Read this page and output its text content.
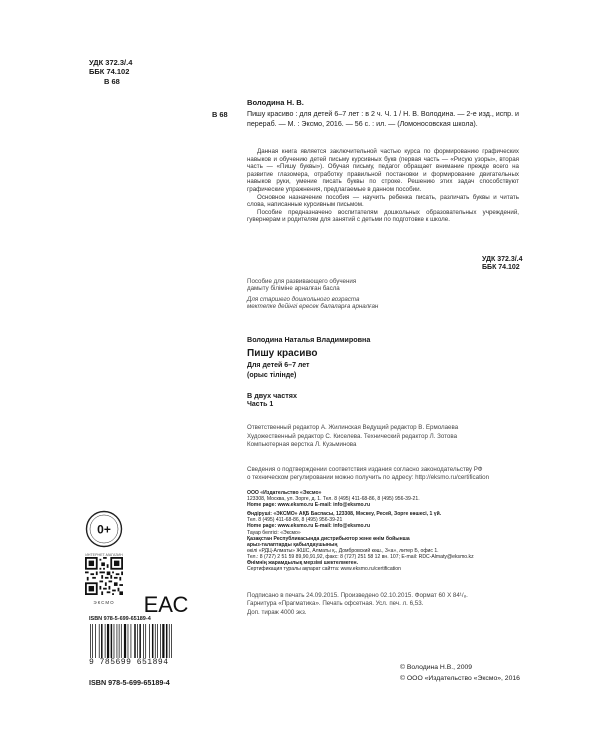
УДК 372.3/.4
ББК 74.102
В 68
В 68
Володина Н. В.
Пишу красиво : для детей 6–7 лет : в 2 ч. Ч. 1 / Н. В. Володина. — 2-е изд., испр. и перераб. — М. : Эксмо, 2016. — 56 с. : ил. — (Ломоносовская школа).

Данная книга является заключительной частью курса по формированию графических навыков и обучению детей письму курсивных букв (первая часть — «Рисую узоры», вторая часть — «Пишу буквы»). Обучая письму, педагог обращает внимание прежде всего на развитие глазомера, отработку правильной постановки и формирование двигательных навыков руки, умение писать буквы по строке. Решению этих задач способствуют графические упражнения, предлагаемые в данном пособии.

Основное назначение пособия — научить ребенка писать, различать буквы и читать слова, написанные курсивным письмом.

Пособие предназначено воспитателям дошкольных образовательных учреждений, гувернерам и родителям для занятий с детьми по подготовке к школе.

УДК 372.3/.4
ББК 74.102
Пособие для развивающего обучения
дамыту бiлiмiне арналған басла
Для старшего дошкольного возраста
мектепке дейiнгi ересек балаларға арналған
Володина Наталья Владимировна
Пишу красиво
Для детей 6–7 лет
(орыс тiлiнде)
В двух частях
Часть 1
Ответственный редактор А. Жилинская Ведущий редактор В. Ермолаева
Художественный редактор С. Киселева. Технический редактор Л. Зотова
Компьютерная верстка Л. Кузьминова
Сведения о подтверждении соответствия издания согласно законодательству РФ
о техническом регулировании можно получить по адресу: http://eksmo.ru/certification
ООО «Издательство «Эксмо»
123308, Москва, ул. Зорге, д. 1. Тел. 8 (495) 411-68-86, 8 (495) 956-39-21.
Home page: www.eksmo.ru E-mail: info@eksmo.ru
Өндiрушi: «ЭКСМО» АҚБ Баспасы, 123308, Мәскеу, Ресей, Зорге көшесi, 1 үй.
Тел. 8 (495) 411-68-86, 8 (495) 956-39-21
Home page: www.eksmo.ru E-mail: info@eksmo.ru
Тауар белгiсi: «Эксмо»
Қазақстан Республикасында дистрибьютор және өнiм бойынша
арыз-талаптарды қабылдаушының
өкiлi «РДЦ-Алматы» ЖШС, Алматы қ., Домбровский көш., 3«а», литер Б, офис 1.
Тел.: 8 (727) 2 51 59 89,90,91,92, факс: 8 (727) 251 58 12 вн. 107; E-mail: RDC-Almaty@eksmo.kz
Өнiмнiң жарамдылық мерзiмi шектелмеген.
Сертификация туралы ақпарат сайтта: www.eksmo.ru/certification
Подписано в печать 24.09.2015. Произведено 02.10.2015. Формат 60 X 84¹/₈.
Гарнитура «Прагматика». Печать офсетная. Усл. печ. л. 6,53.
Доп. тираж 4000 экз.
0+
ИНТЕРНЕТ-МАГАЗИН
ЭКСМО	ЕАС
ISBN 978-5-699-65189-4
9 785699 651894
ISBN 978-5-699-65189-4
© Володина Н.В., 2009
© ООО «Издательство «Эксмо», 2016
